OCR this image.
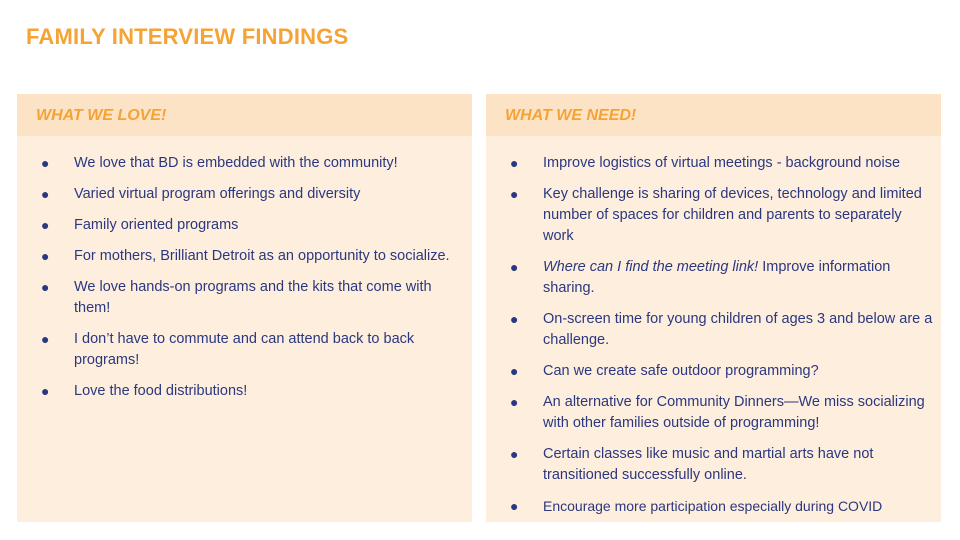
FAMILY INTERVIEW FINDINGS
WHAT WE LOVE!
● We love that BD is embedded with the community!
● Varied virtual program offerings and diversity
● Family oriented programs
● For mothers, Brilliant Detroit as an opportunity to socialize.
● We love hands-on programs and the kits that come with them!
● I don’t have to commute and can attend back to back programs!
● Love the food distributions!
WHAT WE NEED!
● Improve logistics of virtual meetings - background noise
● Key challenge is sharing of devices, technology and limited number of spaces for children and parents to separately work
● Where can I find the meeting link! Improve information sharing.
● On-screen time for young children of ages 3 and below are a challenge.
● Can we create safe outdoor programming?
● An alternative for Community Dinners—We miss socializing with other families outside of programming!
● Certain classes like music and martial arts have not transitioned successfully online.
● Encourage more participation especially during COVID
